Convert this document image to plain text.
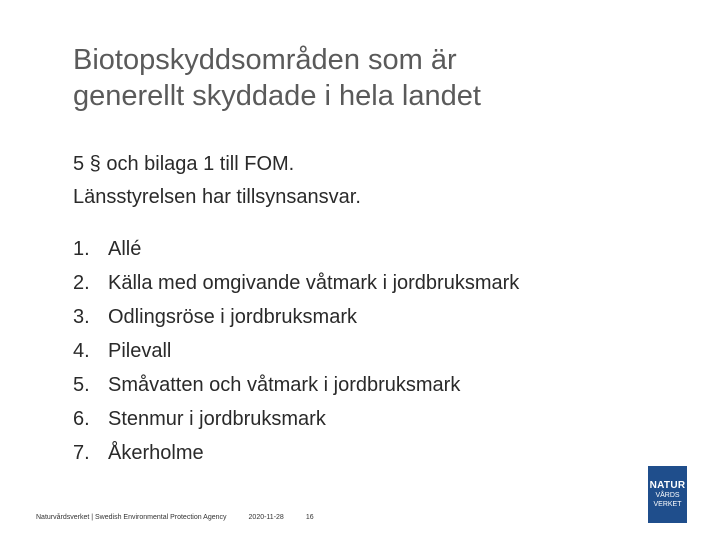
Biotopskyddsområden som är
generellt skyddade i hela landet
5 § och bilaga 1 till FOM.
Länsstyrelsen har tillsynsansvar.
1. Allé
2. Källa med omgivande våtmark i jordbruksmark
3. Odlingsröse i jordbruksmark
4. Pilevall
5. Småvatten och våtmark i jordbruksmark
6. Stenmur i jordbruksmark
7. Åkerholme
Naturvårdsverket | Swedish Environmental Protection Agency	2020-11-28	16
NATUR
VÅRDS
VERKET
